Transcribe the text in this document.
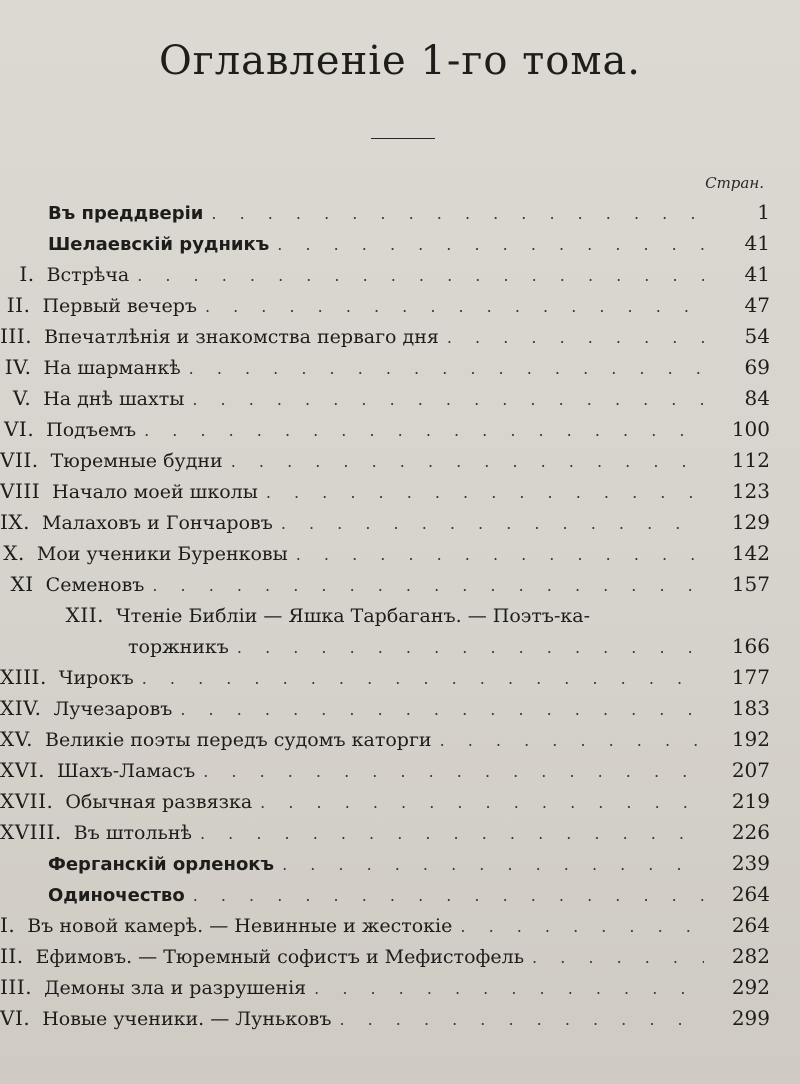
Оглавленіе 1-го тома.
Стран.
Въ преддверіи . . .	1
Шелаевскій рудникъ . . .	41
I. Встрѣча . . .	41
II. Первый вечеръ . . .	47
III. Впечатлѣнія и знакомства перваго дня . . .	54
IV. На шарманкѣ . . .	69
V. На днѣ шахты . . .	84
VI. Подъемъ . . .	100
VII. Тюремные будни . . .	112
VIII Начало моей школы . . .	123
IX. Малаховъ и Гончаровъ . . .	129
X. Мои ученики Буренковы . . .	142
XI Семеновъ . . .	157
XII. Чтеніе Библіи — Яшка Тарбаганъ. — Поэтъ-ка-
торжникъ . . .	166
XIII. Чирокъ . . .	177
XIV. Лучезаровъ . . .	183
XV. Великіе поэты передъ судомъ каторги . . .	192
XVI. Шахъ-Ламасъ . . .	207
XVII. Обычная развязка . . .	219
XVIII. Въ штольнѣ . . .	226
Ферганскій орленокъ . . .	239
Одиночество . . .	264
I. Въ новой камерѣ. — Невинные и жестокіе . . .	264
II. Ефимовъ. — Тюремный софистъ и Мефистофель . . .	282
III. Демоны зла и разрушенія . . .	292
VI. Новые ученики. — Луньковъ . . .	299
